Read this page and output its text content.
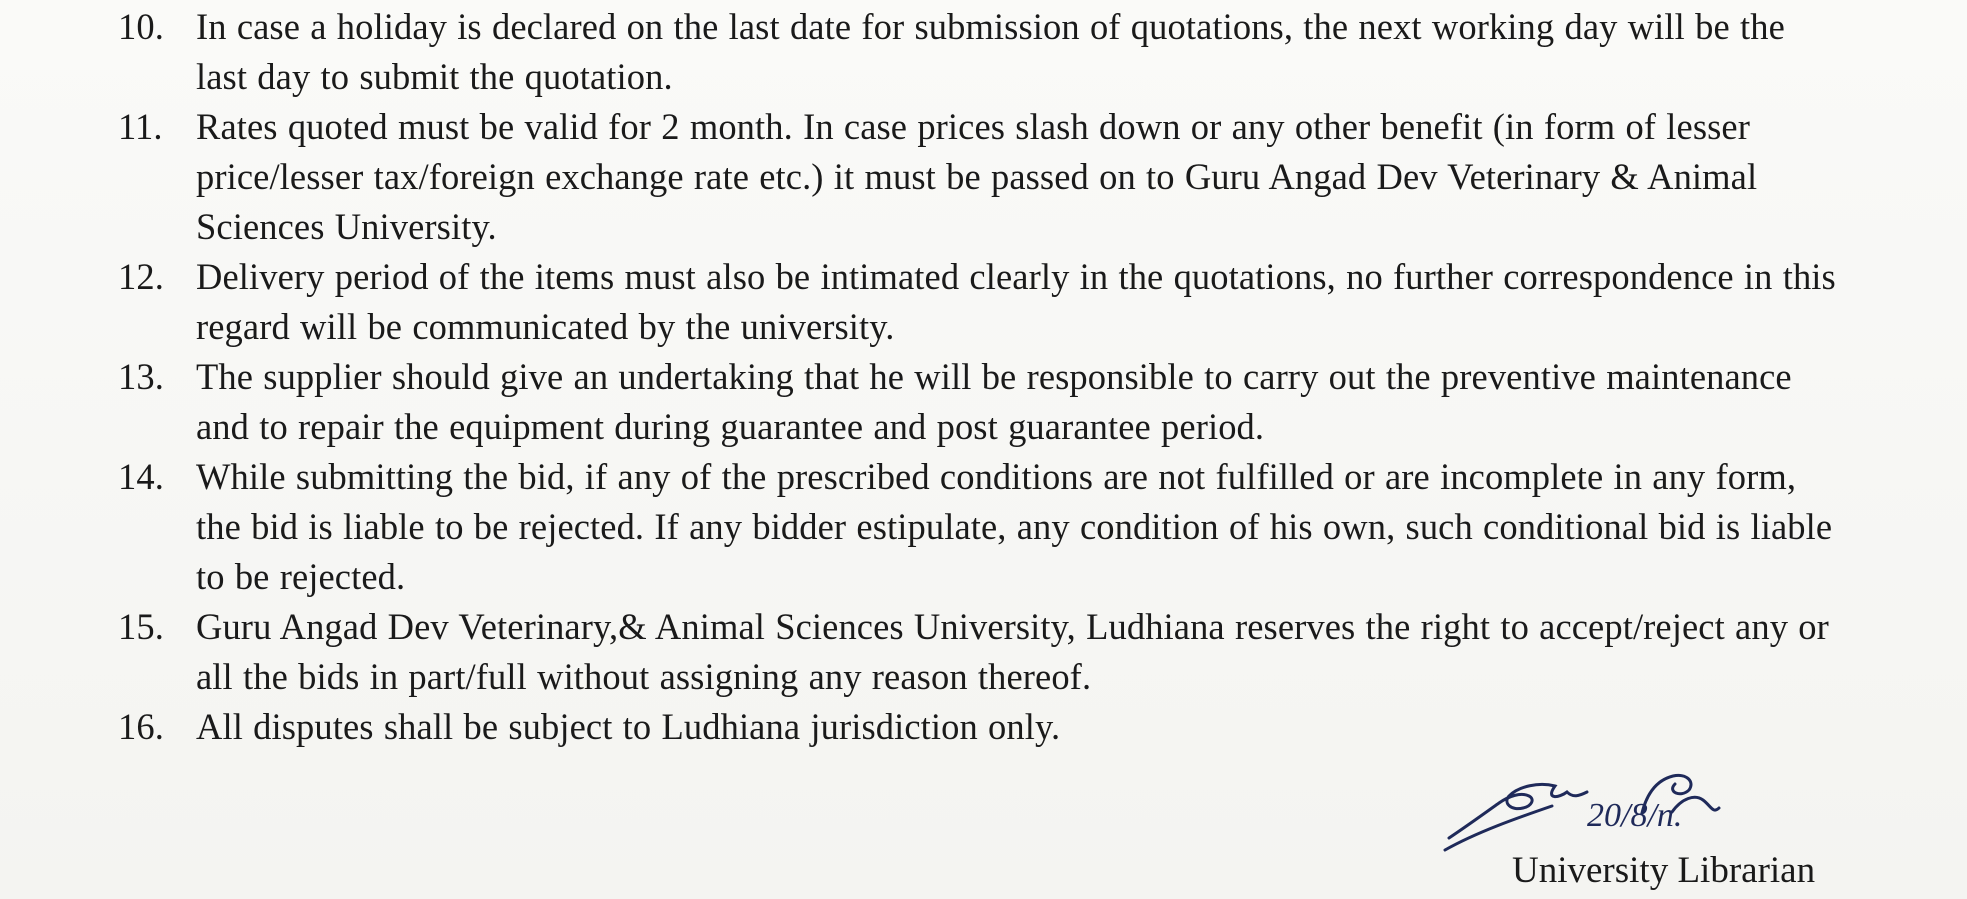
10. In case a holiday is declared on the last date for submission of quotations, the next working day will be the last day to submit the quotation.
11. Rates quoted must be valid for 2 month. In case prices slash down or any other benefit (in form of lesser price/lesser tax/foreign exchange rate etc.) it must be passed on to Guru Angad Dev Veterinary & Animal Sciences University.
12. Delivery period of the items must also be intimated clearly in the quotations, no further correspondence in this regard will be communicated by the university.
13. The supplier should give an undertaking that he will be responsible to carry out the preventive maintenance and to repair the equipment during guarantee and post guarantee period.
14. While submitting the bid, if any of the prescribed conditions are not fulfilled or are incomplete in any form, the bid is liable to be rejected. If any bidder estipulate, any condition of his own, such conditional bid is liable to be rejected.
15. Guru Angad Dev Veterinary,& Animal Sciences University, Ludhiana reserves the right to accept/reject any or all the bids in part/full without assigning any reason thereof.
16. All disputes shall be subject to Ludhiana jurisdiction only.
20/8/n.
University Librarian
